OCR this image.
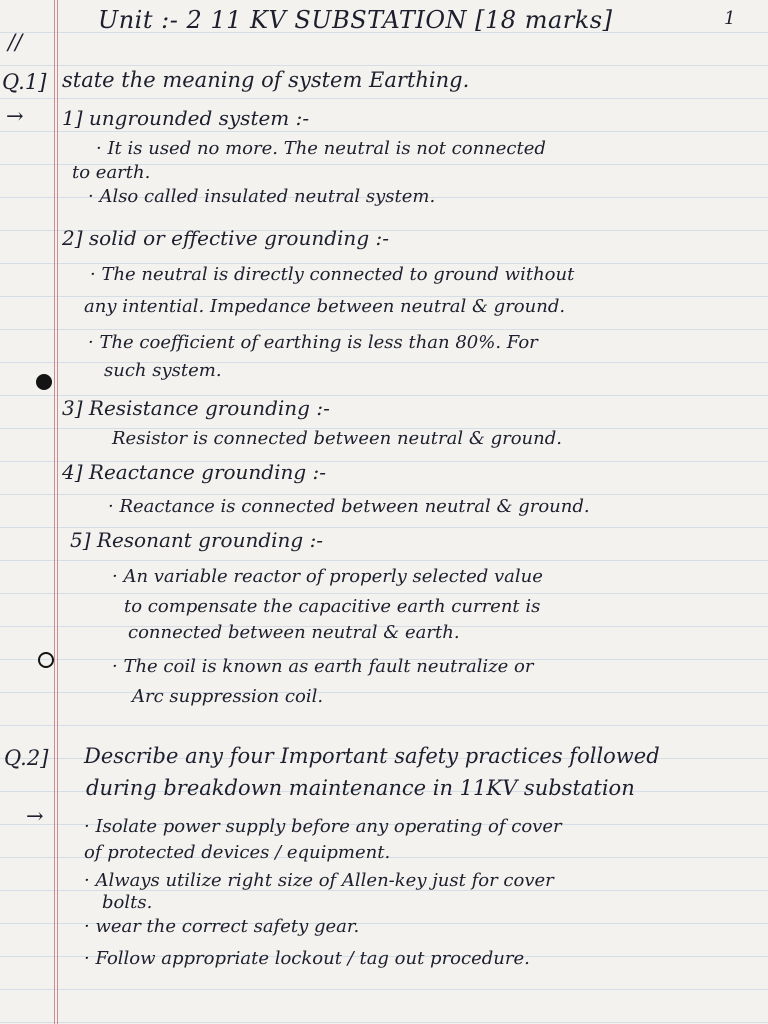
Unit :- 2 11 KV SUBSTATION [18 marks]	1
//
Q.1] state the meaning of system Earthing.
→ 1] ungrounded system :-
· It is used no more. The neutral is not connected
to earth.
· Also called insulated neutral system.
2] solid or effective grounding :-
· The neutral is directly connected to ground without
any intential. Impedance between neutral & ground.
· The coefficient of earthing is less than 80%. For
such system.
3] Resistance grounding :-
Resistor is connected between neutral & ground.
4] Reactance grounding :-
· Reactance is connected between neutral & ground.
5] Resonant grounding :-
· An variable reactor of properly selected value
to compensate the capacitive earth current is
connected between neutral & earth.
· The coil is known as earth fault neutralize or
Arc suppression coil.
Q.2] Describe any four Important safety practices followed
during breakdown maintenance in 11KV substation
→ · Isolate power supply before any operating of cover
of protected devices / equipment.
· Always utilize right size of Allen-key just for cover
bolts.
· wear the correct safety gear.
· Follow appropriate lockout / tag out procedure.
